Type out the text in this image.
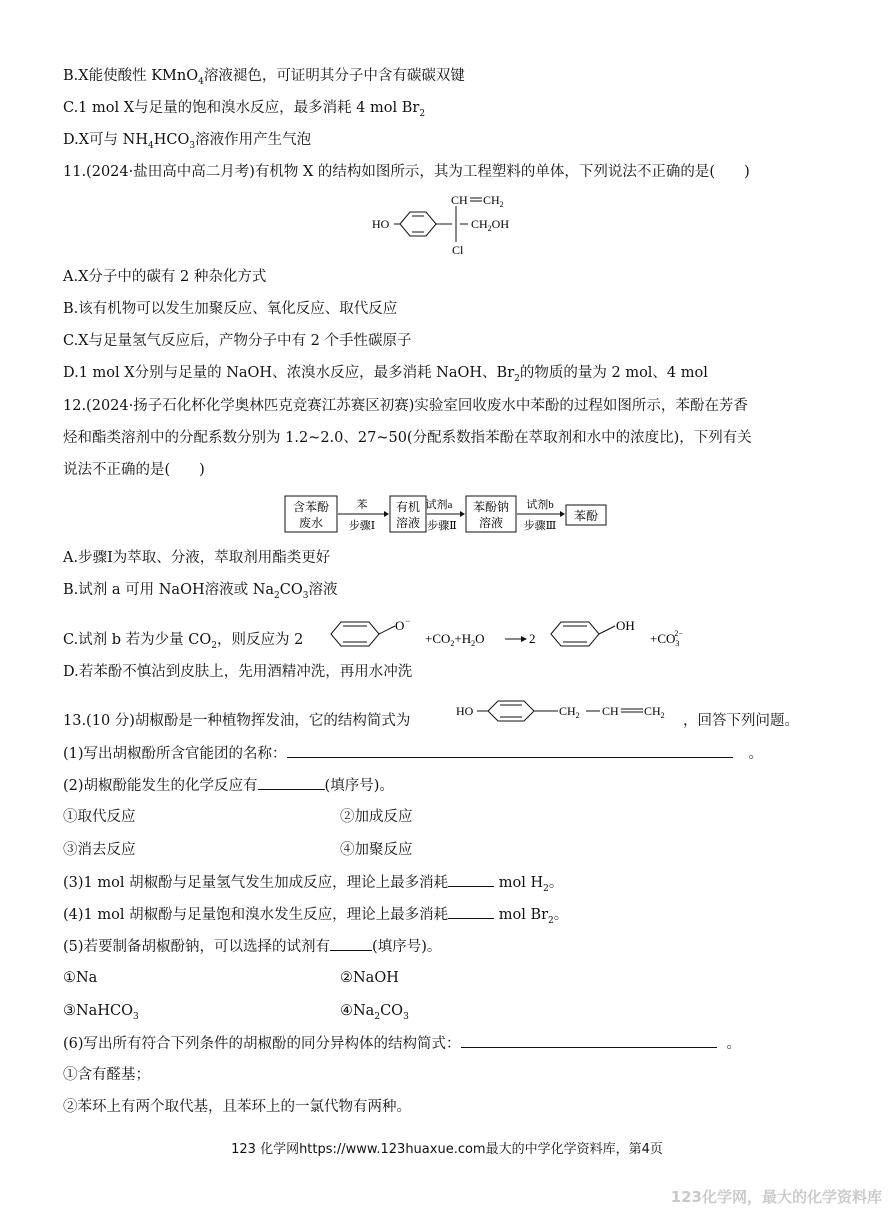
B.X能使酸性 KMnO$_4$溶液褪色，可证明其分子中含有碳碳双键
C.1 mol X与足量的饱和溴水反应，最多消耗 4 mol $Br_2$
D.X可与 $NH_4HCO_3$溶液作用产生气泡
11.(2024·盐田高中高二月考)有机物 X 的结构如图所示，其为工程塑料的单体，下列说法不正确的是(　　)
HO
CH $CH_2$
$CH_2OH$
Cl
A.X分子中的碳有 2 种杂化方式
B.该有机物可以发生加聚反应、氧化反应、取代反应
C.X与足量氢气反应后，产物分子中有 2 个手性碳原子
D.1 mol X分别与足量的 NaOH、浓溴水反应，最多消耗 NaOH、$Br_2$的物质的量为 2 mol、4 mol
12.(2024·扬子石化杯化学奥林匹克竞赛江苏赛区初赛)实验室回收废水中苯酚的过程如图所示，苯酚在芳香
烃和酯类溶剂中的分配系数分别为 1.2~2.0、27~50(分配系数指苯酚在萃取剂和水中的浓度比)，下列有关
说法不正确的是(　　)
含苯酚
废水
苯
步骤Ⅰ
有机
溶液
试剂a
步骤Ⅱ
苯酚钠
溶液
试剂b
步骤Ⅲ
苯酚
A.步骤Ⅰ为萃取、分液，萃取剂用酯类更好
B.试剂 a 可用 NaOH溶液或 $Na_2CO_3$溶液
C.试剂 b 若为少量 $CO_2$，则反应为 2
O −
$+CO_2+H_2O$	2
OH
$+CO_32-$
D.若苯酚不慎沾到皮肤上，先用酒精冲洗，再用水冲洗
13.(10 分)胡椒酚是一种植物挥发油，它的结构简式为
HO	$CH_2$ CH $CH_2$ ，回答下列问题。
(1)写出胡椒酚所含官能团的名称：	。
(2)胡椒酚能发生的化学反应有	(填序号)。
①取代反应	②加成反应
③消去反应	④加聚反应
(3)1 mol 胡椒酚与足量氢气发生加成反应，理论上最多消耗	mol $H_2$。
(4)1 mol 胡椒酚与足量饱和溴水发生反应，理论上最多消耗	mol $Br_2$。
(5)若要制备胡椒酚钠，可以选择的试剂有	(填序号)。
①Na	②NaOH
③NaHCO$_3$	$④Na_2CO_3$
(6)写出所有符合下列条件的胡椒酚的同分异构体的结构简式：	。
①含有醛基；
②苯环上有两个取代基，且苯环上的一氯代物有两种。
123 化学网https://www.123huaxue.com最大的中学化学资料库，第4页
123化学网，最大的化学资料库
